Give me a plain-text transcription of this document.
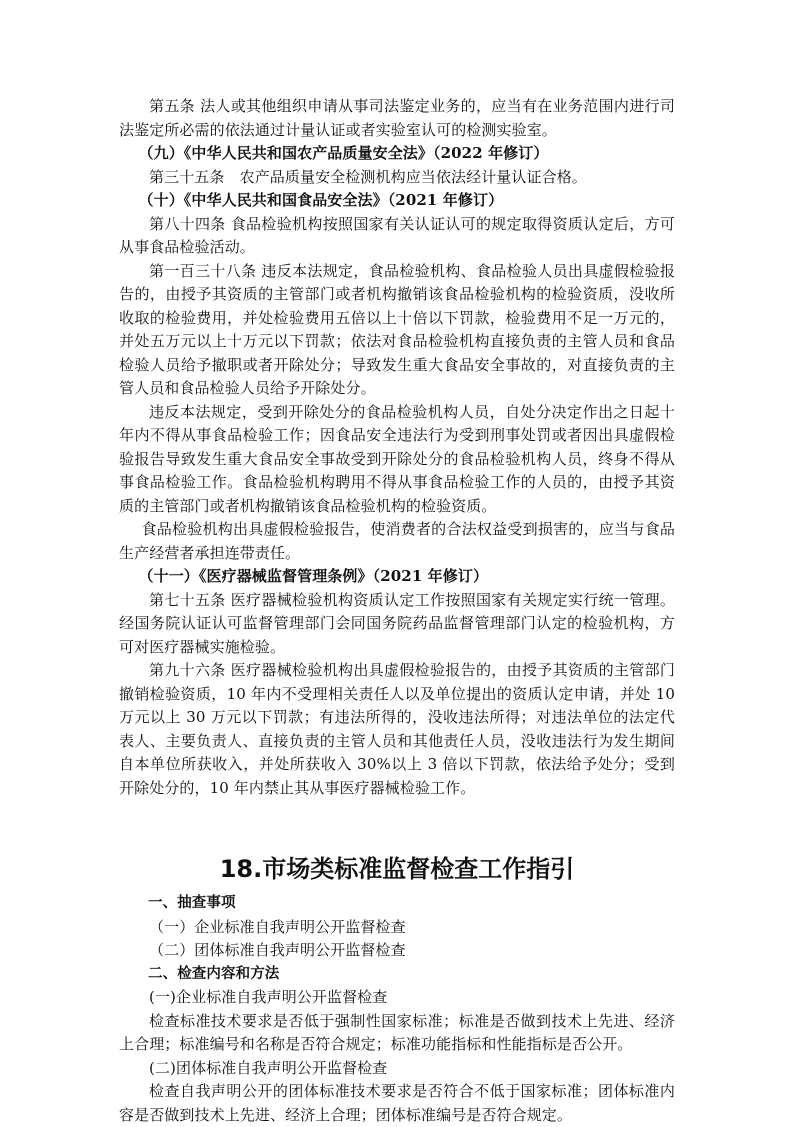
第五条 法人或其他组织申请从事司法鉴定业务的，应当有在业务范围内进行司法鉴定所必需的依法通过计量认证或者实验室认可的检测实验室。

（九）《中华人民共和国农产品质量安全法》（2022 年修订）

第三十五条　农产品质量安全检测机构应当依法经计量认证合格。

（十）《中华人民共和国食品安全法》（2021 年修订）

第八十四条 食品检验机构按照国家有关认证认可的规定取得资质认定后，方可从事食品检验活动。

第一百三十八条 违反本法规定，食品检验机构、食品检验人员出具虚假检验报告的，由授予其资质的主管部门或者机构撤销该食品检验机构的检验资质，没收所收取的检验费用，并处检验费用五倍以上十倍以下罚款，检验费用不足一万元的，并处五万元以上十万元以下罚款；依法对食品检验机构直接负责的主管人员和食品检验人员给予撤职或者开除处分；导致发生重大食品安全事故的，对直接负责的主管人员和食品检验人员给予开除处分。

违反本法规定，受到开除处分的食品检验机构人员，自处分决定作出之日起十年内不得从事食品检验工作；因食品安全违法行为受到刑事处罚或者因出具虚假检验报告导致发生重大食品安全事故受到开除处分的食品检验机构人员，终身不得从事食品检验工作。食品检验机构聘用不得从事食品检验工作的人员的，由授予其资质的主管部门或者机构撤销该食品检验机构的检验资质。

食品检验机构出具虚假检验报告，使消费者的合法权益受到损害的，应当与食品生产经营者承担连带责任。

（十一）《医疗器械监督管理条例》（2021 年修订）

第七十五条 医疗器械检验机构资质认定工作按照国家有关规定实行统一管理。经国务院认证认可监督管理部门会同国务院药品监督管理部门认定的检验机构，方可对医疗器械实施检验。

第九十六条 医疗器械检验机构出具虚假检验报告的，由授予其资质的主管部门撤销检验资质，10 年内不受理相关责任人以及单位提出的资质认定申请，并处 10 万元以上 30 万元以下罚款；有违法所得的，没收违法所得；对违法单位的法定代表人、主要负责人、直接负责的主管人员和其他责任人员，没收违法行为发生期间自本单位所获收入，并处所获收入 30%以上 3 倍以下罚款，依法给予处分；受到开除处分的，10 年内禁止其从事医疗器械检验工作。

18.市场类标准监督检查工作指引

一、抽查事项

（一）企业标准自我声明公开监督检查

（二）团体标准自我声明公开监督检查

二、检查内容和方法

(一)企业标准自我声明公开监督检查

检查标准技术要求是否低于强制性国家标准；标准是否做到技术上先进、经济上合理；标准编号和名称是否符合规定；标准功能指标和性能指标是否公开。

(二)团体标准自我声明公开监督检查

检查自我声明公开的团体标准技术要求是否符合不低于国家标准；团体标准内容是否做到技术上先进、经济上合理；团体标准编号是否符合规定。
